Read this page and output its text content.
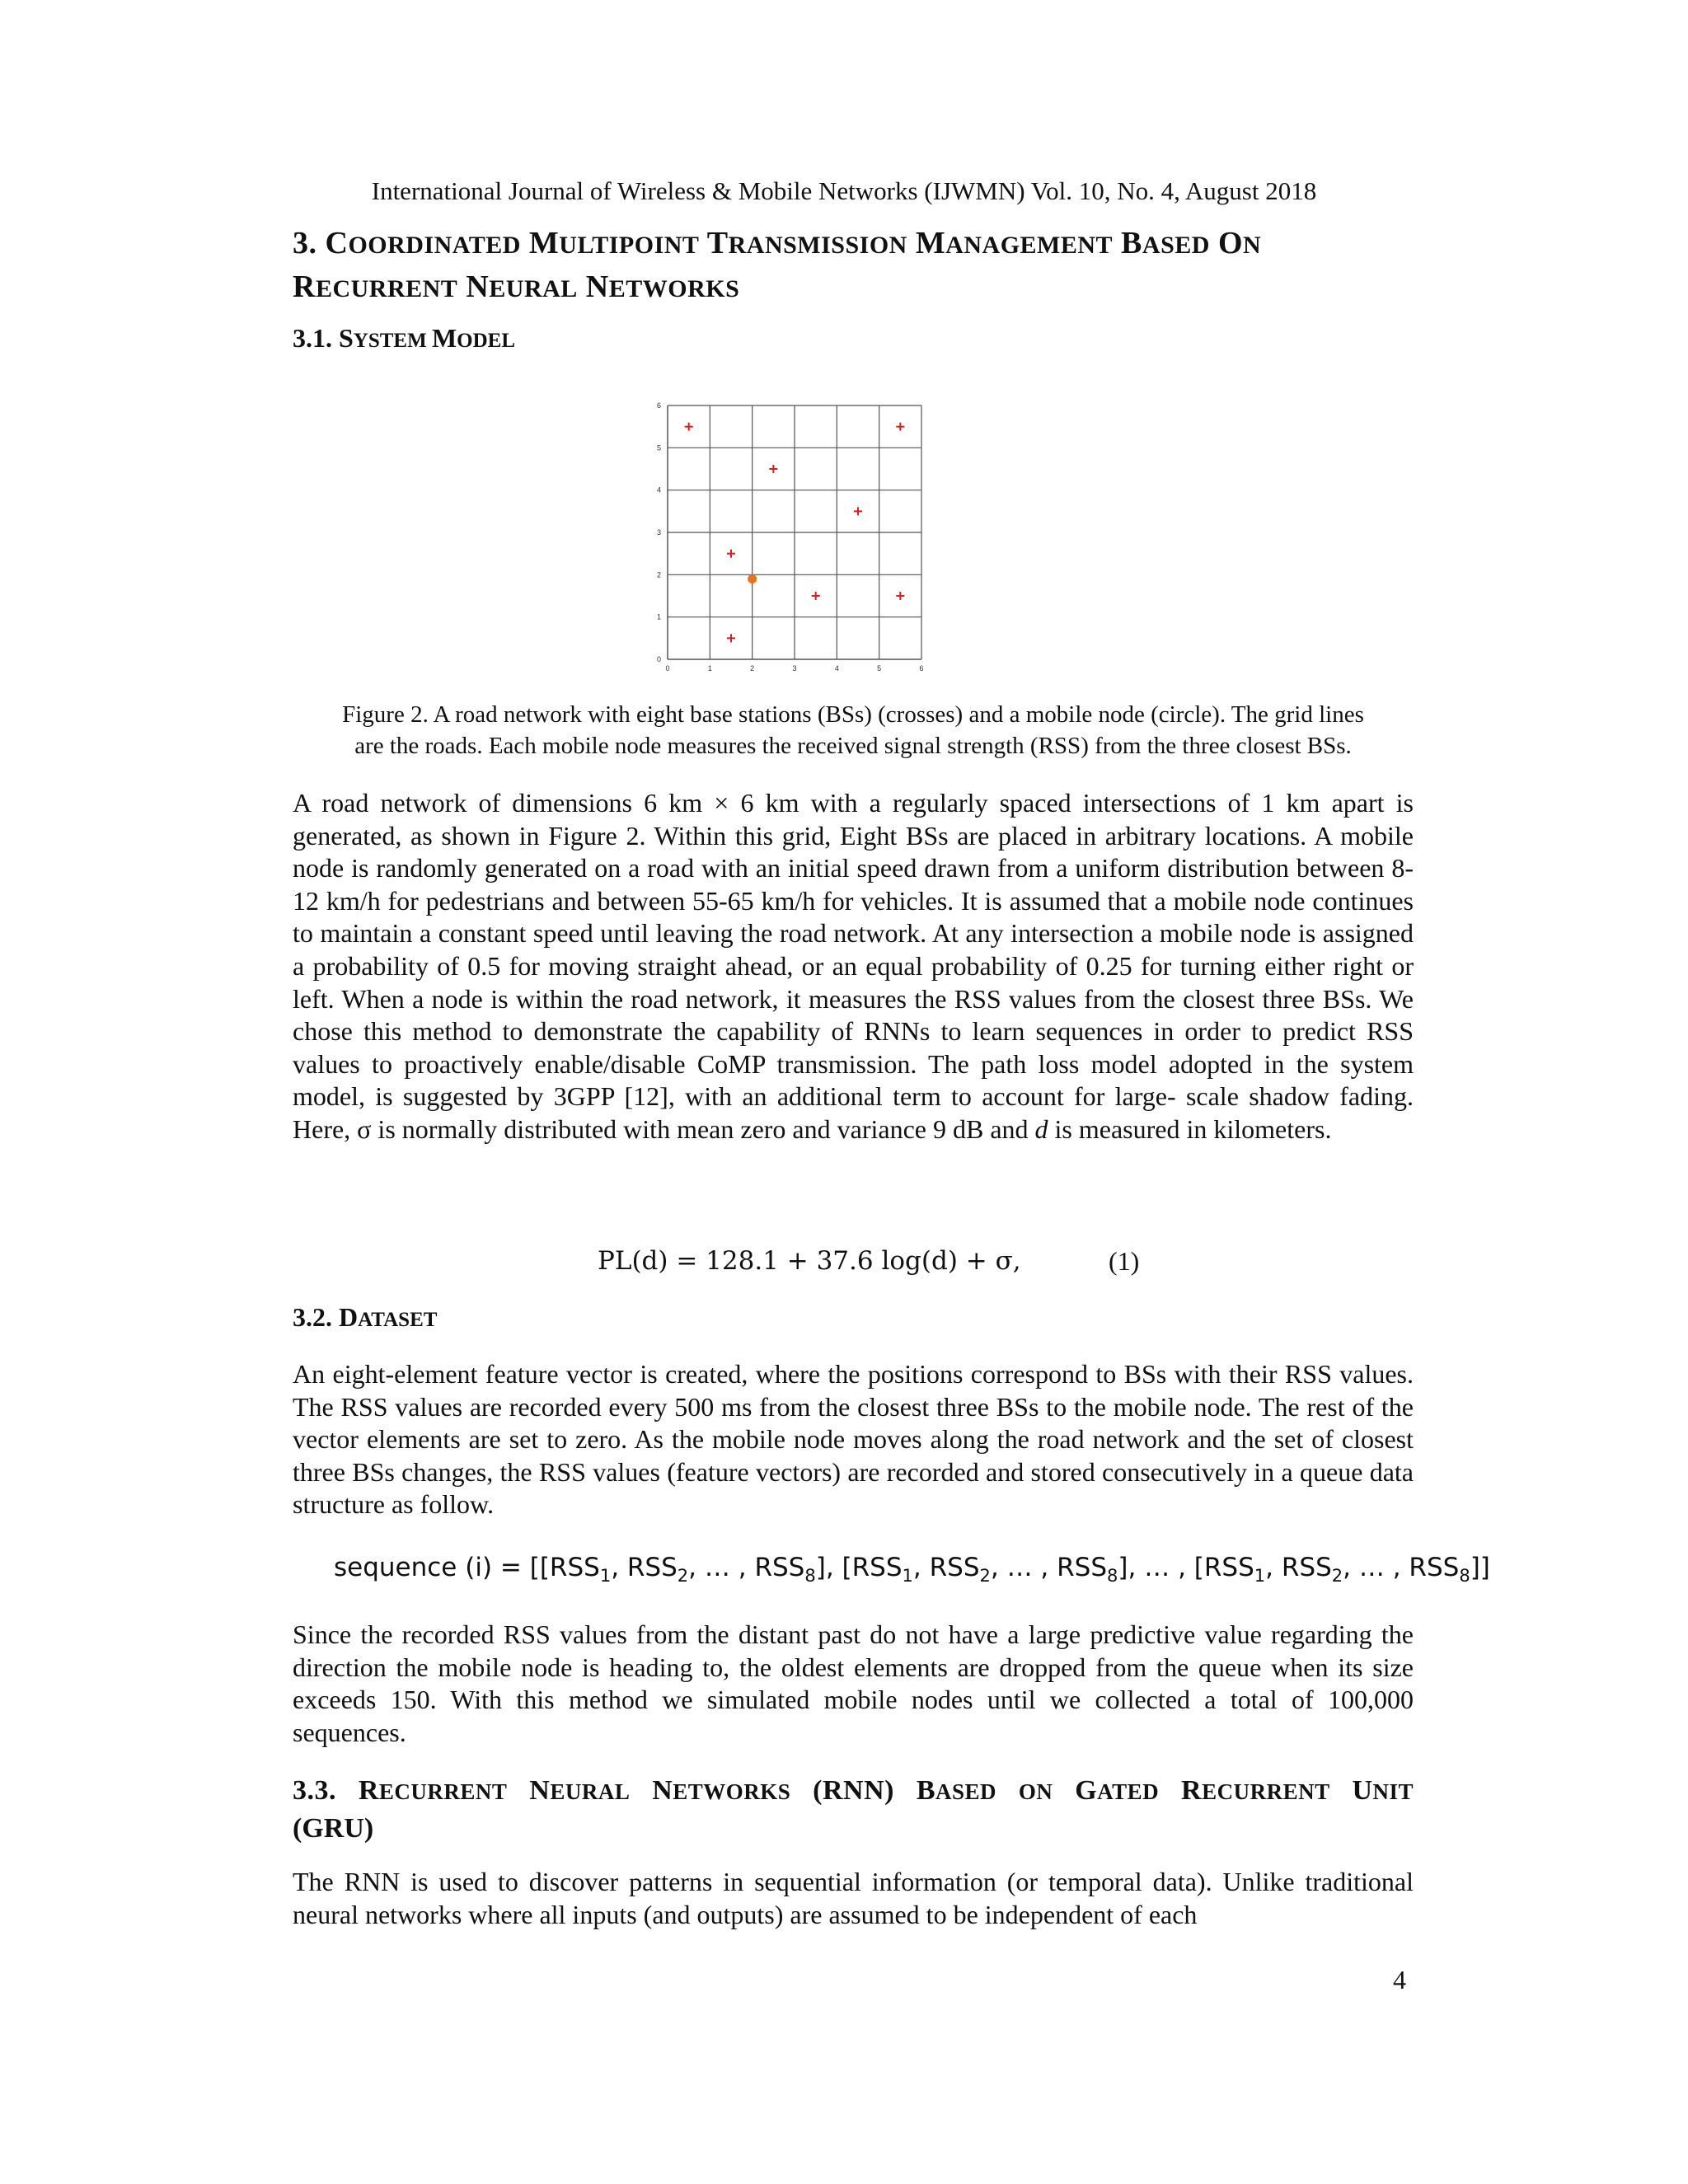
International Journal of Wireless & Mobile Networks (IJWMN) Vol. 10, No. 4, August 2018
3. COORDINATED MULTIPOINT TRANSMISSION MANAGEMENT BASED ON
RECURRENT NEURAL NETWORKS
3.1. SYSTEM MODEL
0	1	2	3	4	5	6
0
1
2
3
4
5
6
Figure 2. A road network with eight base stations (BSs) (crosses) and a mobile node (circle). The grid lines
are the roads. Each mobile node measures the received signal strength (RSS) from the three closest BSs.
A road network of dimensions 6 km × 6 km with a regularly spaced intersections of 1 km apart is generated, as shown in Figure 2. Within this grid, Eight BSs are placed in arbitrary locations. A mobile node is randomly generated on a road with an initial speed drawn from a uniform distribution between 8-12 km/h for pedestrians and between 55-65 km/h for vehicles. It is assumed that a mobile node continues to maintain a constant speed until leaving the road network. At any intersection a mobile node is assigned a probability of 0.5 for moving straight ahead, or an equal probability of 0.25 for turning either right or left. When a node is within the road network, it measures the RSS values from the closest three BSs. We chose this method to demonstrate the capability of RNNs to learn sequences in order to predict RSS values to proactively enable/disable CoMP transmission. The path loss model adopted in the system model, is suggested by 3GPP [12], with an additional term to account for large- scale shadow fading. Here, σ is normally distributed with mean zero and variance 9 dB and d is measured in kilometers.
PL(d) = 128.1 + 37.6 log(d) + σ,	(1)
3.2. DATASET
An eight-element feature vector is created, where the positions correspond to BSs with their RSS values. The RSS values are recorded every 500 ms from the closest three BSs to the mobile node. The rest of the vector elements are set to zero. As the mobile node moves along the road network and the set of closest three BSs changes, the RSS values (feature vectors) are recorded and stored consecutively in a queue data structure as follow.
sequence $(i) = [[RSS_1$, $RSS_2$, … , $RSS_8$], [$RSS_1$, $RSS_2$, … , $RSS_8$], … , [$RSS_1$, $RSS_2$, … , $RSS_8$]]
Since the recorded RSS values from the distant past do not have a large predictive value regarding the direction the mobile node is heading to, the oldest elements are dropped from the queue when its size exceeds 150. With this method we simulated mobile nodes until we collected a total of 100,000 sequences.
3.3. RECURRENT NEURAL NETWORKS (RNN) BASED ON GATED RECURRENT UNIT
(GRU)
The RNN is used to discover patterns in sequential information (or temporal data). Unlike traditional neural networks where all inputs (and outputs) are assumed to be independent of each
4
